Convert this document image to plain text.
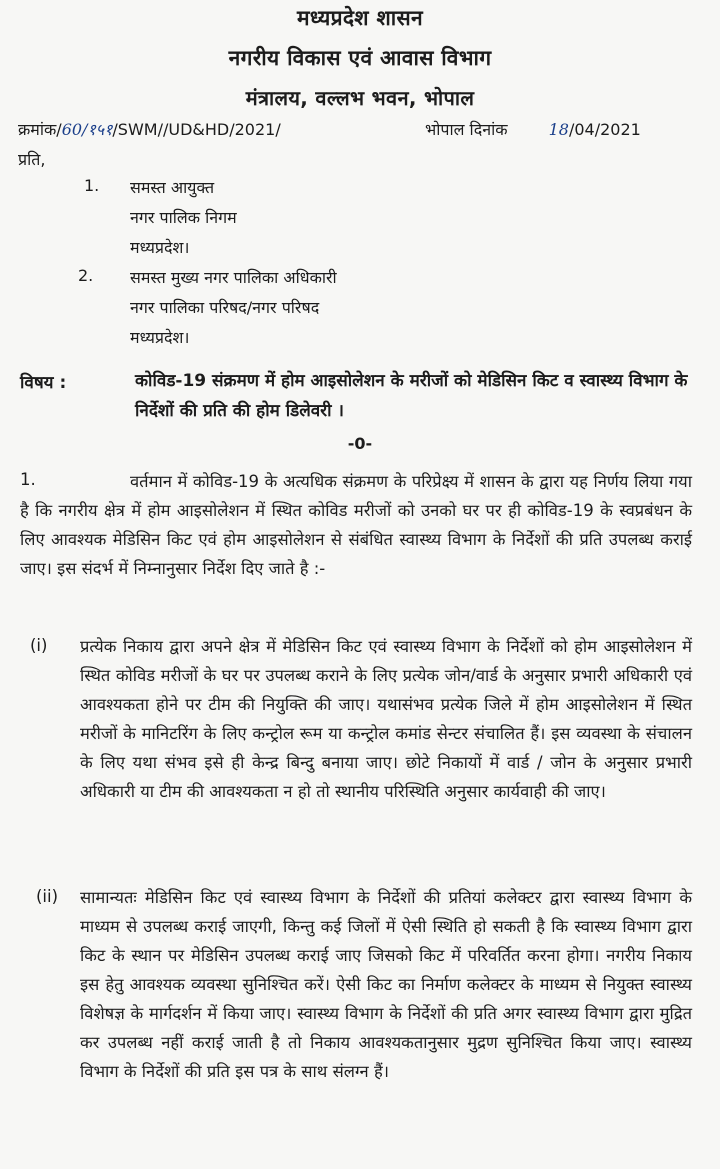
मध्यप्रदेश शासन
नगरीय विकास एवं आवास विभाग
मंत्रालय, वल्लभ भवन, भोपाल
क्रमांक/60/१५१/SWM//UD&HD/2021/	भोपाल दिनांक	18/04/2021
प्रति,
1. समस्त आयुक्त
नगर पालिक निगम
मध्यप्रदेश।
2. समस्त मुख्य नगर पालिका अधिकारी
नगर पालिका परिषद/नगर परिषद
मध्यप्रदेश।
विषय :	कोविड-19 संक्रमण में होम आइसोलेशन के मरीजों को मेडिसिन किट व स्वास्थ्य विभाग के निर्देशों की प्रति की होम डिलेवरी ।
-0-
1.	वर्तमान में कोविड-19 के अत्यधिक संक्रमण के परिप्रेक्ष्य में शासन के द्वारा यह निर्णय लिया गया है कि नगरीय क्षेत्र में होम आइसोलेशन में स्थित कोविड मरीजों को उनको घर पर ही कोविड-19 के स्वप्रबंधन के लिए आवश्यक मेडिसिन किट एवं होम आइसोलेशन से संबंधित स्वास्थ्य विभाग के निर्देशों की प्रति उपलब्ध कराई जाए। इस संदर्भ में निम्नानुसार निर्देश दिए जाते है :-
(i) प्रत्येक निकाय द्वारा अपने क्षेत्र में मेडिसिन किट एवं स्वास्थ्य विभाग के निर्देशों को होम आइसोलेशन में स्थित कोविड मरीजों के घर पर उपलब्ध कराने के लिए प्रत्येक जोन/वार्ड के अनुसार प्रभारी अधिकारी एवं आवश्यकता होने पर टीम की नियुक्ति की जाए। यथासंभव प्रत्येक जिले में होम आइसोलेशन में स्थित मरीजों के मानिटरिंग के लिए कन्ट्रोल रूम या कन्ट्रोल कमांड सेन्टर संचालित हैं। इस व्यवस्था के संचालन के लिए यथा संभव इसे ही केन्द्र बिन्दु बनाया जाए। छोटे निकायों में वार्ड / जोन के अनुसार प्रभारी अधिकारी या टीम की आवश्यकता न हो तो स्थानीय परिस्थिति अनुसार कार्यवाही की जाए।
(ii) सामान्यतः मेडिसिन किट एवं स्वास्थ्य विभाग के निर्देशों की प्रतियां कलेक्टर द्वारा स्वास्थ्य विभाग के माध्यम से उपलब्ध कराई जाएगी, किन्तु कई जिलों में ऐसी स्थिति हो सकती है कि स्वास्थ्य विभाग द्वारा किट के स्थान पर मेडिसिन उपलब्ध कराई जाए जिसको किट में परिवर्तित करना होगा। नगरीय निकाय इस हेतु आवश्यक व्यवस्था सुनिश्चित करें। ऐसी किट का निर्माण कलेक्टर के माध्यम से नियुक्त स्वास्थ्य विशेषज्ञ के मार्गदर्शन में किया जाए। स्वास्थ्य विभाग के निर्देशों की प्रति अगर स्वास्थ्य विभाग द्वारा मुद्रित कर उपलब्ध नहीं कराई जाती है तो निकाय आवश्यकतानुसार मुद्रण सुनिश्चित किया जाए। स्वास्थ्य विभाग के निर्देशों की प्रति इस पत्र के साथ संलग्न हैं।
